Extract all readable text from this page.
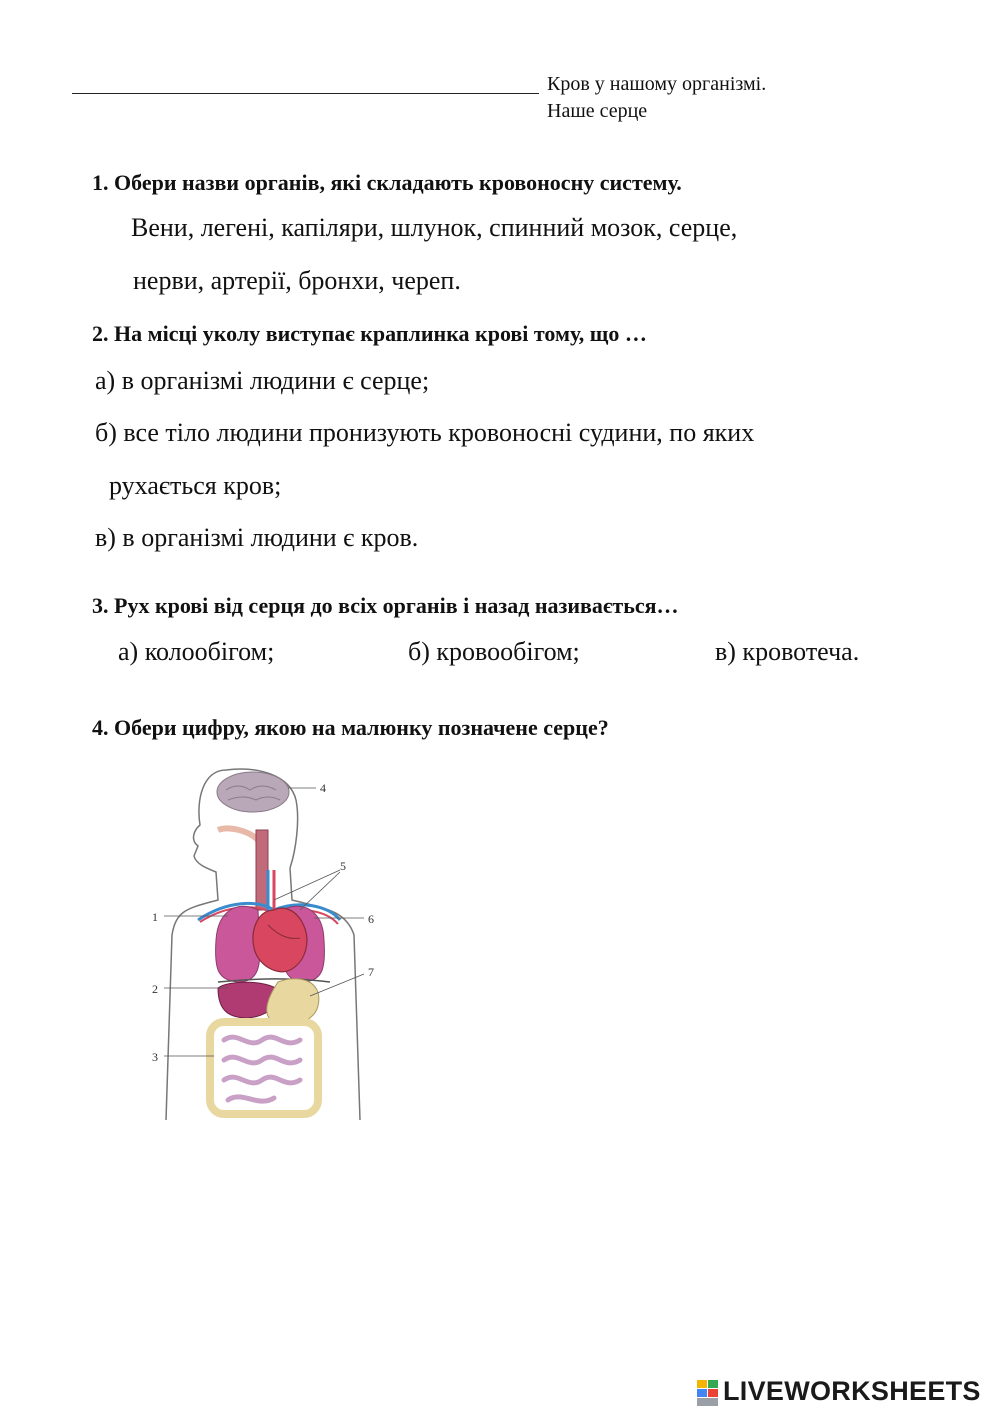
Кров у нашому організмі.
Наше серце
1. Обери назви органів, які складають кровоносну систему.
Вени, легені, капіляри, шлунок, спинний мозок, серце,
нерви, артерії, бронхи, череп.
2. На місці уколу виступає краплинка крові тому, що …
а) в організмі людини є серце;
б) все тіло людини пронизують кровоносні судини, по яких
рухається кров;
в) в організмі людини є кров.
3. Рух крові від серця до всіх органів і назад називається…
а) колообігом;	б) кровообігом;	в) кровотеча.
4. Обери цифру, якою на малюнку позначене серце?
1
2
3
4
5
6
7
LIVEWORKSHEETS
